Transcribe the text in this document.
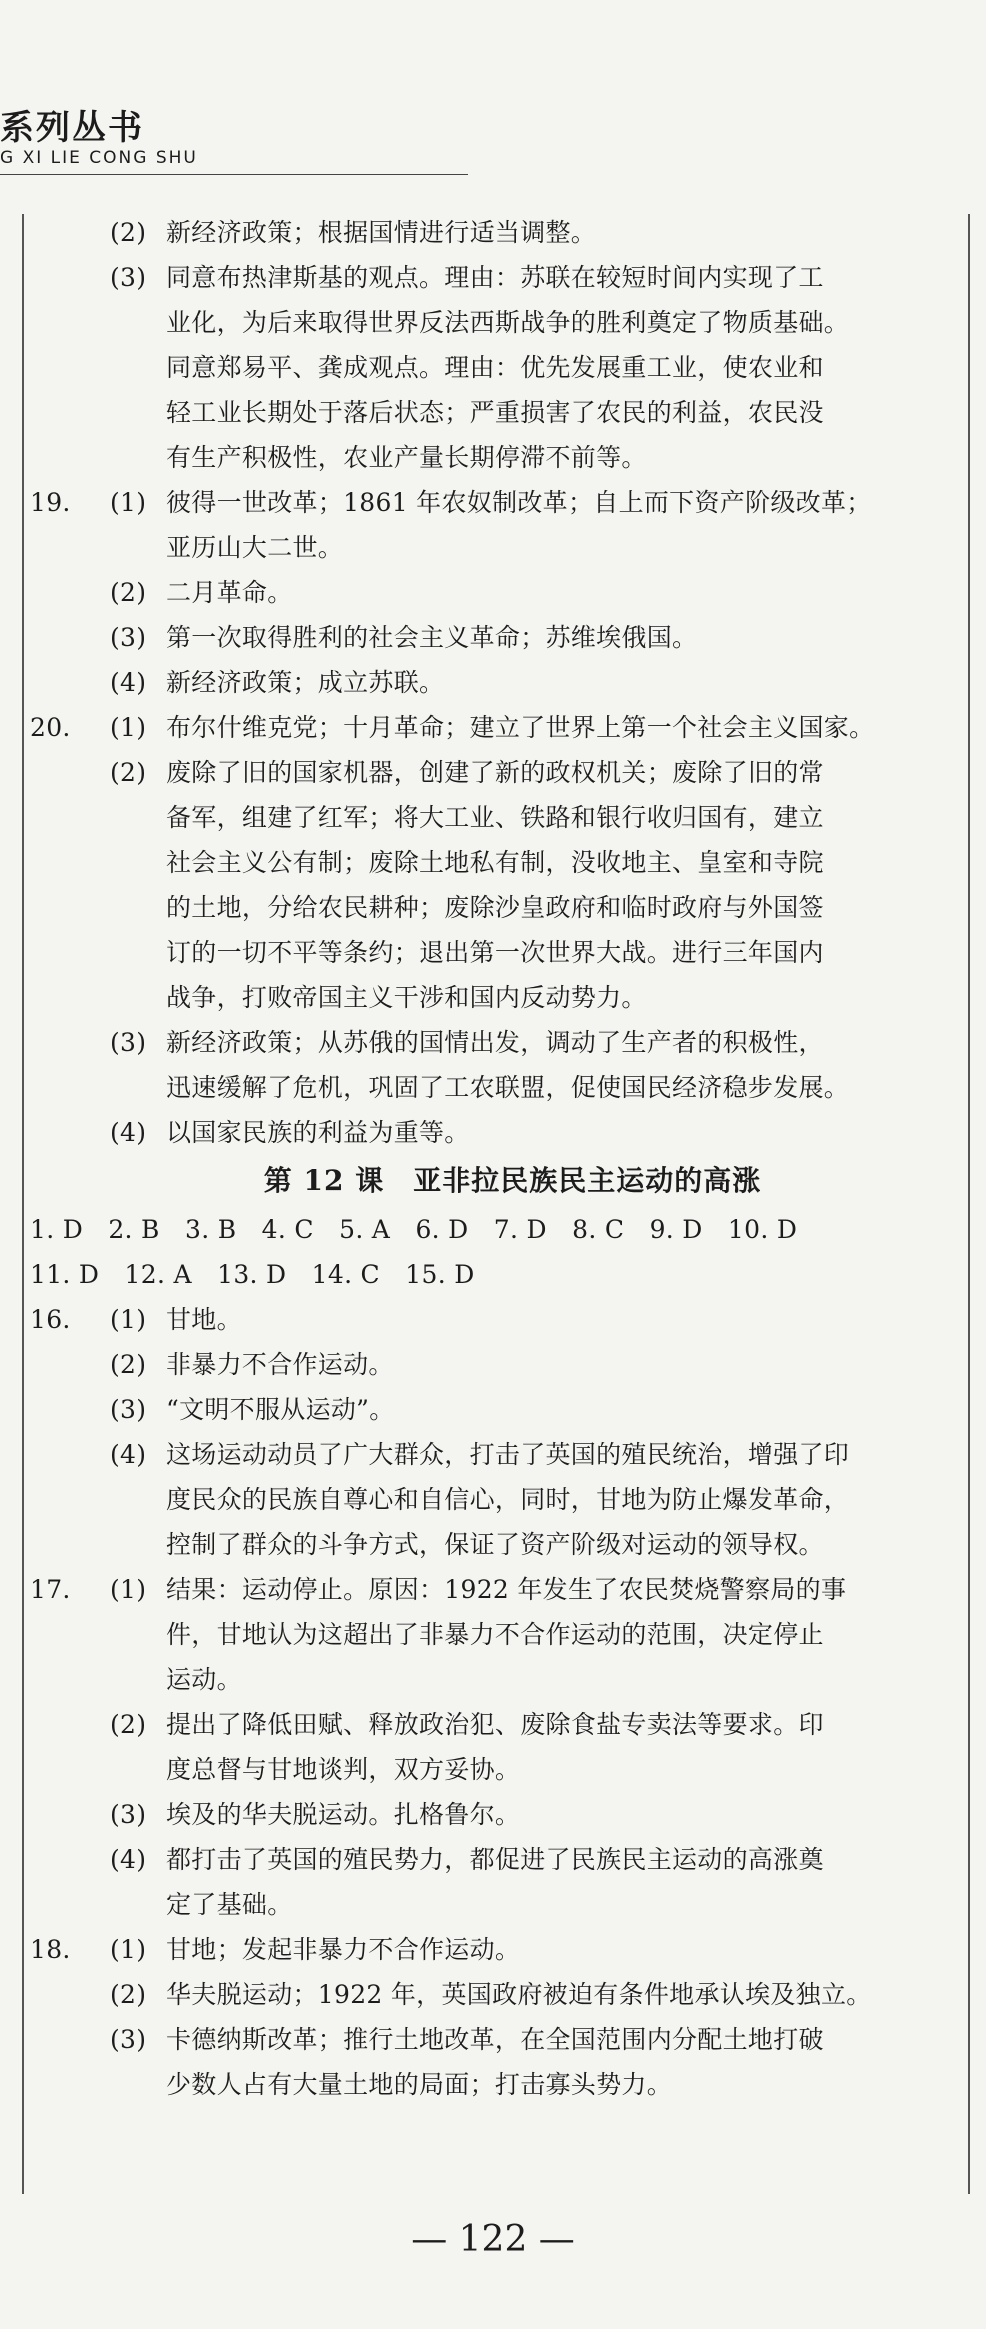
系列丛书
G XI LIE CONG SHU
(2) 新经济政策；根据国情进行适当调整。
(3) 同意布热津斯基的观点。理由：苏联在较短时间内实现了工
业化，为后来取得世界反法西斯战争的胜利奠定了物质基础。
同意郑易平、龚成观点。理由：优先发展重工业，使农业和
轻工业长期处于落后状态；严重损害了农民的利益，农民没
有生产积极性，农业产量长期停滞不前等。
19. (1) 彼得一世改革；1861 年农奴制改革；自上而下资产阶级改革；
亚历山大二世。
(2) 二月革命。
(3) 第一次取得胜利的社会主义革命；苏维埃俄国。
(4) 新经济政策；成立苏联。
20. (1) 布尔什维克党；十月革命；建立了世界上第一个社会主义国家。
(2) 废除了旧的国家机器，创建了新的政权机关；废除了旧的常
备军，组建了红军；将大工业、铁路和银行收归国有，建立
社会主义公有制；废除土地私有制，没收地主、皇室和寺院
的土地，分给农民耕种；废除沙皇政府和临时政府与外国签
订的一切不平等条约；退出第一次世界大战。进行三年国内
战争，打败帝国主义干涉和国内反动势力。
(3) 新经济政策；从苏俄的国情出发，调动了生产者的积极性，
迅速缓解了危机，巩固了工农联盟，促使国民经济稳步发展。
(4) 以国家民族的利益为重等。
第 12 课　亚非拉民族民主运动的高涨
1. D　2. B　3. B　4. C　5. A　6. D　7. D　8. C　9. D　10. D
11. D　12. A　13. D　14. C　15. D
16. (1) 甘地。
(2) 非暴力不合作运动。
(3) “文明不服从运动”。
(4) 这场运动动员了广大群众，打击了英国的殖民统治，增强了印
度民众的民族自尊心和自信心，同时，甘地为防止爆发革命，
控制了群众的斗争方式，保证了资产阶级对运动的领导权。
17. (1) 结果：运动停止。原因：1922 年发生了农民焚烧警察局的事
件，甘地认为这超出了非暴力不合作运动的范围，决定停止
运动。
(2) 提出了降低田赋、释放政治犯、废除食盐专卖法等要求。印
度总督与甘地谈判，双方妥协。
(3) 埃及的华夫脱运动。扎格鲁尔。
(4) 都打击了英国的殖民势力，都促进了民族民主运动的高涨奠
定了基础。
18. (1) 甘地；发起非暴力不合作运动。
(2) 华夫脱运动；1922 年，英国政府被迫有条件地承认埃及独立。
(3) 卡德纳斯改革；推行土地改革，在全国范围内分配土地打破
少数人占有大量土地的局面；打击寡头势力。
— 122 —
